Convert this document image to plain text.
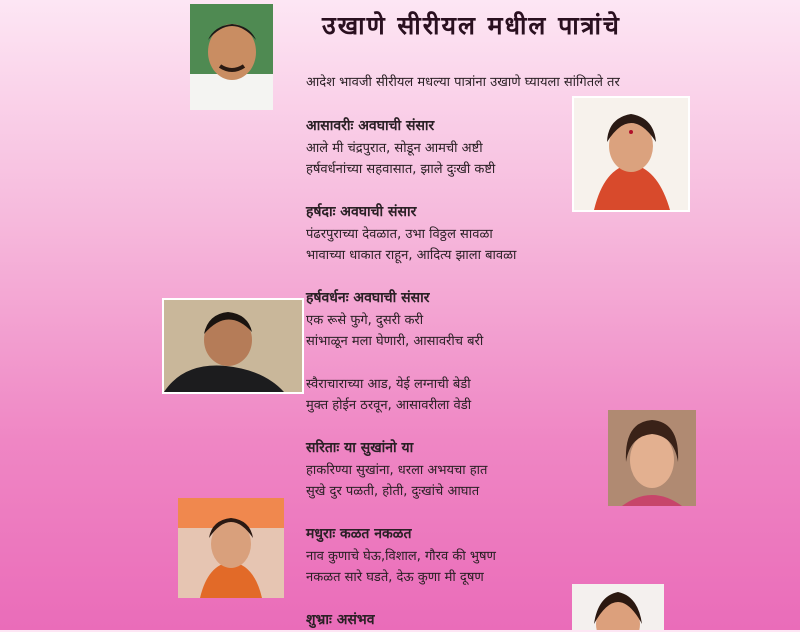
उखाणे सीरीयल मधील पात्रांचे
आदेश भावजी सीरीयल मधल्या पात्रांना उखाणे घ्यायला सांगितले तर
आसावरीः अवघाची संसार
आले मी चंद्रपुरात, सोडून आमची अष्टी
हर्षवर्धनांच्या सहवासात, झाले दुःखी कष्टी
हर्षदाः अवघाची संसार
पंढरपुराच्या देवळात, उभा विठ्ठल सावळा
भावाच्या धाकात राहून, आदित्य झाला बावळा
हर्षवर्धनः अवघाची संसार
एक रूसे फुगे, दुसरी करी
सांभाळून मला घेणारी, आसावरीच बरी
स्वैराचाराच्या आड, येई लग्नाची बेडी
मुक्त होईन ठरवून, आसावरीला वेडी
सरिताः या सुखांनो या
हाकरिण्या सुखांना, धरला अभयचा हात
सुखे दुर पळती, होती, दुःखांचे आघात
मधुराः कळत नकळत
नाव कुणाचे घेऊ,विशाल, गौरव की भुषण
नकळत सारे घडते, देऊ कुणा मी दूषण
शुभ्राः असंभव
